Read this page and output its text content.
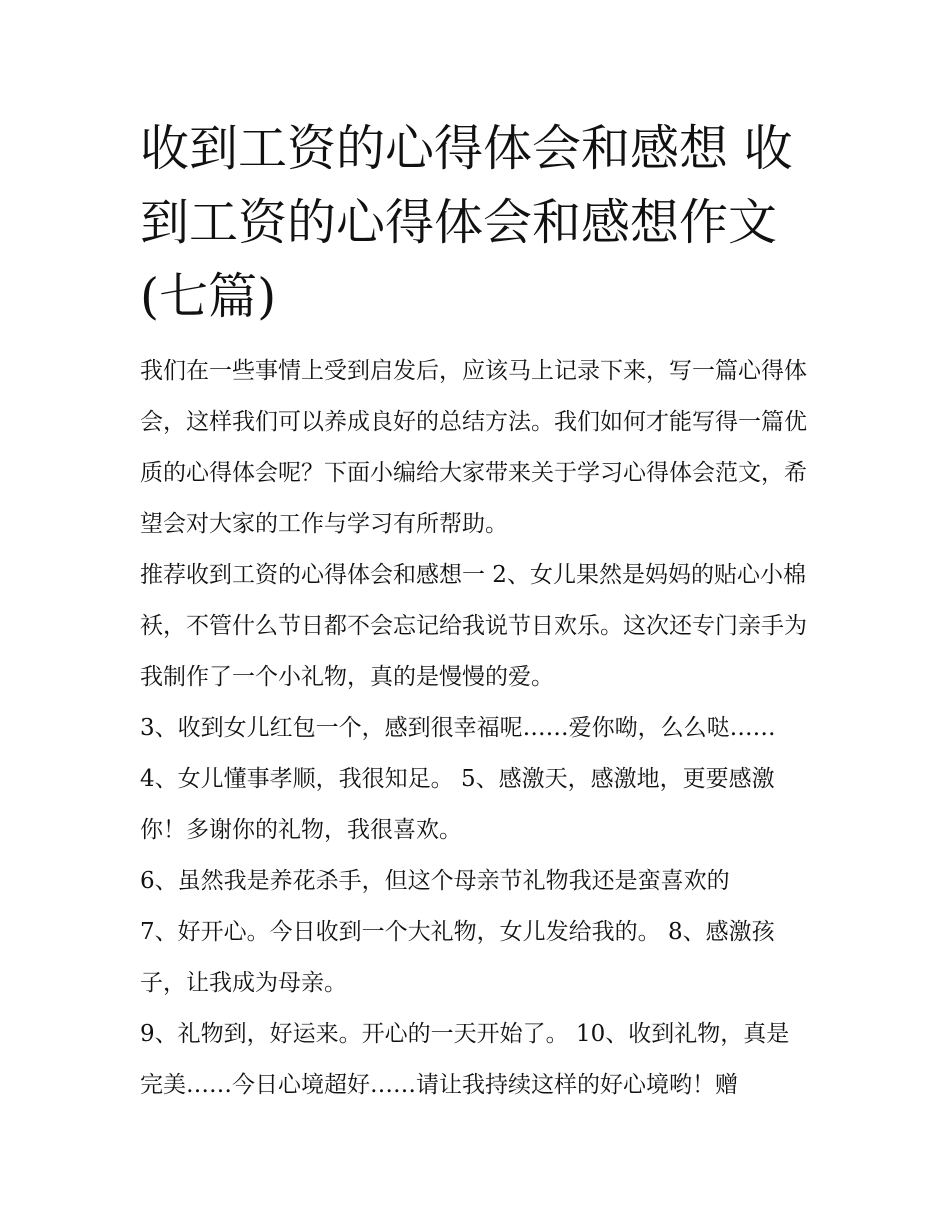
收到工资的心得体会和感想 收到工资的心得体会和感想作文(七篇)

我们在一些事情上受到启发后，应该马上记录下来，写一篇心得体会，这样我们可以养成良好的总结方法。我们如何才能写得一篇优质的心得体会呢？下面小编给大家带来关于学习心得体会范文，希望会对大家的工作与学习有所帮助。

推荐收到工资的心得体会和感想一 2、女儿果然是妈妈的贴心小棉袄，不管什么节日都不会忘记给我说节日欢乐。这次还专门亲手为我制作了一个小礼物，真的是慢慢的爱。

3、收到女儿红包一个，感到很幸福呢……爱你呦，么么哒……

4、女儿懂事孝顺，我很知足。 5、感激天，感激地，更要感激你！多谢你的礼物，我很喜欢。

6、虽然我是养花杀手，但这个母亲节礼物我还是蛮喜欢的

7、好开心。今日收到一个大礼物，女儿发给我的。 8、感激孩子，让我成为母亲。

9、礼物到，好运来。开心的一天开始了。 10、收到礼物，真是完美……今日心境超好……请让我持续这样的好心境哟！赠
